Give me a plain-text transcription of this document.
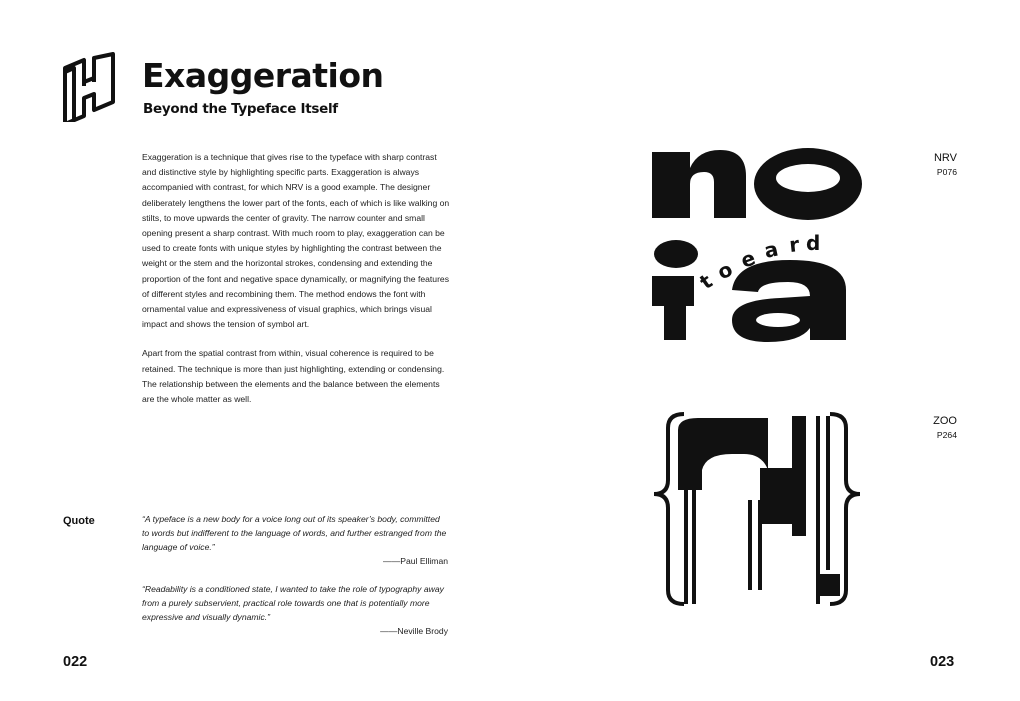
Exaggeration
Beyond the Typeface Itself

Exaggeration is a technique that gives rise to the typeface with sharp contrast and distinctive style by highlighting specific parts. Exaggeration is always accompanied with contrast, for which NRV is a good example. The designer deliberately lengthens the lower part of the fonts, each of which is like walking on stilts, to move upwards the center of gravity. The narrow counter and small opening present a sharp contrast. With much room to play, exaggeration can be used to create fonts with unique styles by highlighting the contrast between the weight or the stem and the horizontal strokes, condensing and extending the proportion of the font and negative space dynamically, or magnifying the features of different styles and recombining them. The method endows the font with ornamental value and expressiveness of visual graphics, which brings visual impact and shows the tension of symbol art.

Apart from the spatial contrast from within, visual coherence is required to be retained. The technique is more than just highlighting, extending or condensing. The relationship between the elements and the balance between the elements are the whole matter as well.

Quote	“A typeface is a new body for a voice long out of its speaker’s body, committed to words but indifferent to the language of words, and further estranged from the language of voice.”
——Paul Elliman
“Readability is a conditioned state, I wanted to take the role of typography away from a purely subservient, practical role towards one that is potentially more expressive and visually dynamic.”
——Neville Brody
022	023
t
o e a r d
NRV
P076
ZOO
P264
